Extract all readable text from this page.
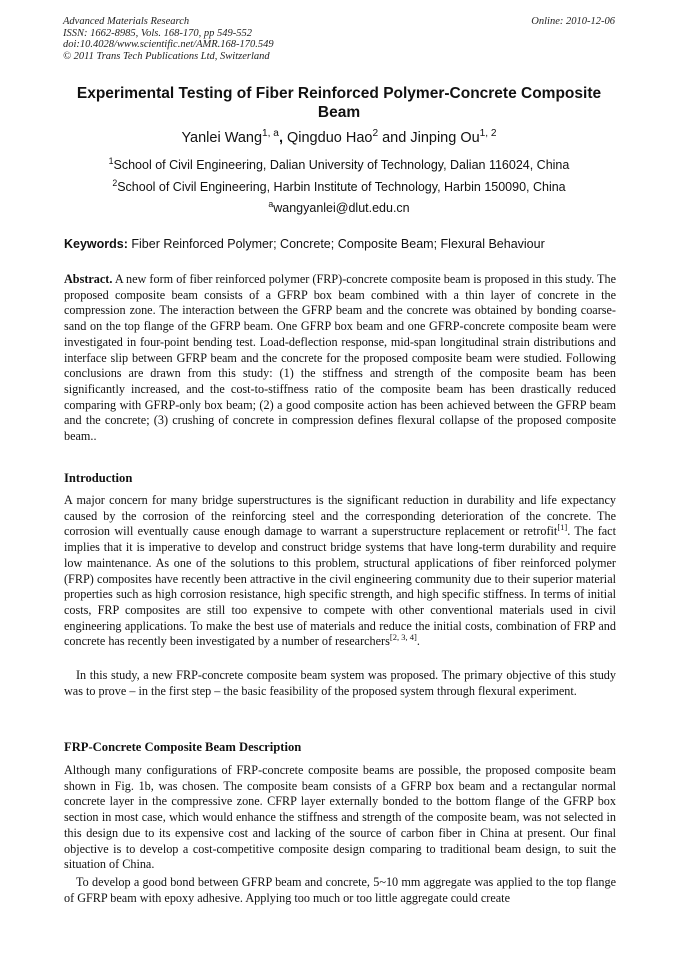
Advanced Materials Research
ISSN: 1662-8985, Vols. 168-170, pp 549-552
doi:10.4028/www.scientific.net/AMR.168-170.549
© 2011 Trans Tech Publications Ltd, Switzerland
Online: 2010-12-06
Experimental Testing of Fiber Reinforced Polymer-Concrete Composite Beam
Yanlei Wang$^{1, a}$, Qingduo Hao$^2$ and Jinping Ou$^{1, 2}$
$^1$School of Civil Engineering, Dalian University of Technology, Dalian 116024, China
$^2$School of Civil Engineering, Harbin Institute of Technology, Harbin 150090, China
$^a$wangyanlei@dlut.edu.cn
Keywords: Fiber Reinforced Polymer; Concrete; Composite Beam; Flexural Behaviour
Abstract. A new form of fiber reinforced polymer (FRP)-concrete composite beam is proposed in this study. The proposed composite beam consists of a GFRP box beam combined with a thin layer of concrete in the compression zone. The interaction between the GFRP beam and the concrete was obtained by bonding coarse-sand on the top flange of the GFRP beam. One GFRP box beam and one GFRP-concrete composite beam were investigated in four-point bending test. Load-deflection response, mid-span longitudinal strain distributions and interface slip between GFRP beam and the concrete for the proposed composite beam were studied. Following conclusions are drawn from this study: (1) the stiffness and strength of the composite beam has been significantly increased, and the cost-to-stiffness ratio of the composite beam has been drastically reduced comparing with GFRP-only box beam; (2) a good composite action has been achieved between the GFRP beam and the concrete; (3) crushing of concrete in compression defines flexural collapse of the proposed composite beam..
Introduction
A major concern for many bridge superstructures is the significant reduction in durability and life expectancy caused by the corrosion of the reinforcing steel and the corresponding deterioration of the concrete. The corrosion will eventually cause enough damage to warrant a superstructure replacement or retrofit[1]. The fact implies that it is imperative to develop and construct bridge systems that have long-term durability and require low maintenance. As one of the solutions to this problem, structural applications of fiber reinforced polymer (FRP) composites have recently been attractive in the civil engineering community due to their superior material properties such as high corrosion resistance, high specific strength, and high specific stiffness. In terms of initial costs, FRP composites are still too expensive to compete with other conventional materials used in civil engineering applications. To make the best use of materials and reduce the initial costs, combination of FRP and concrete has recently been investigated by a number of researchers[2, 3, 4].
In this study, a new FRP-concrete composite beam system was proposed. The primary objective of this study was to prove – in the first step – the basic feasibility of the proposed system through flexural experiment.
FRP-Concrete Composite Beam Description
Although many configurations of FRP-concrete composite beams are possible, the proposed composite beam shown in Fig. 1b, was chosen. The composite beam consists of a GFRP box beam and a rectangular normal concrete layer in the compressive zone. CFRP layer externally bonded to the bottom flange of the GFRP box section in most case, which would enhance the stiffness and strength of the composite beam, was not selected in this design due to its expensive cost and lacking of the source of carbon fiber in China at present. Our final objective is to develop a cost-competitive composite design comparing to traditional beam design, to suit the situation of China.
To develop a good bond between GFRP beam and concrete, 5~10 mm aggregate was applied to the top flange of GFRP beam with epoxy adhesive. Applying too much or too little aggregate could create
